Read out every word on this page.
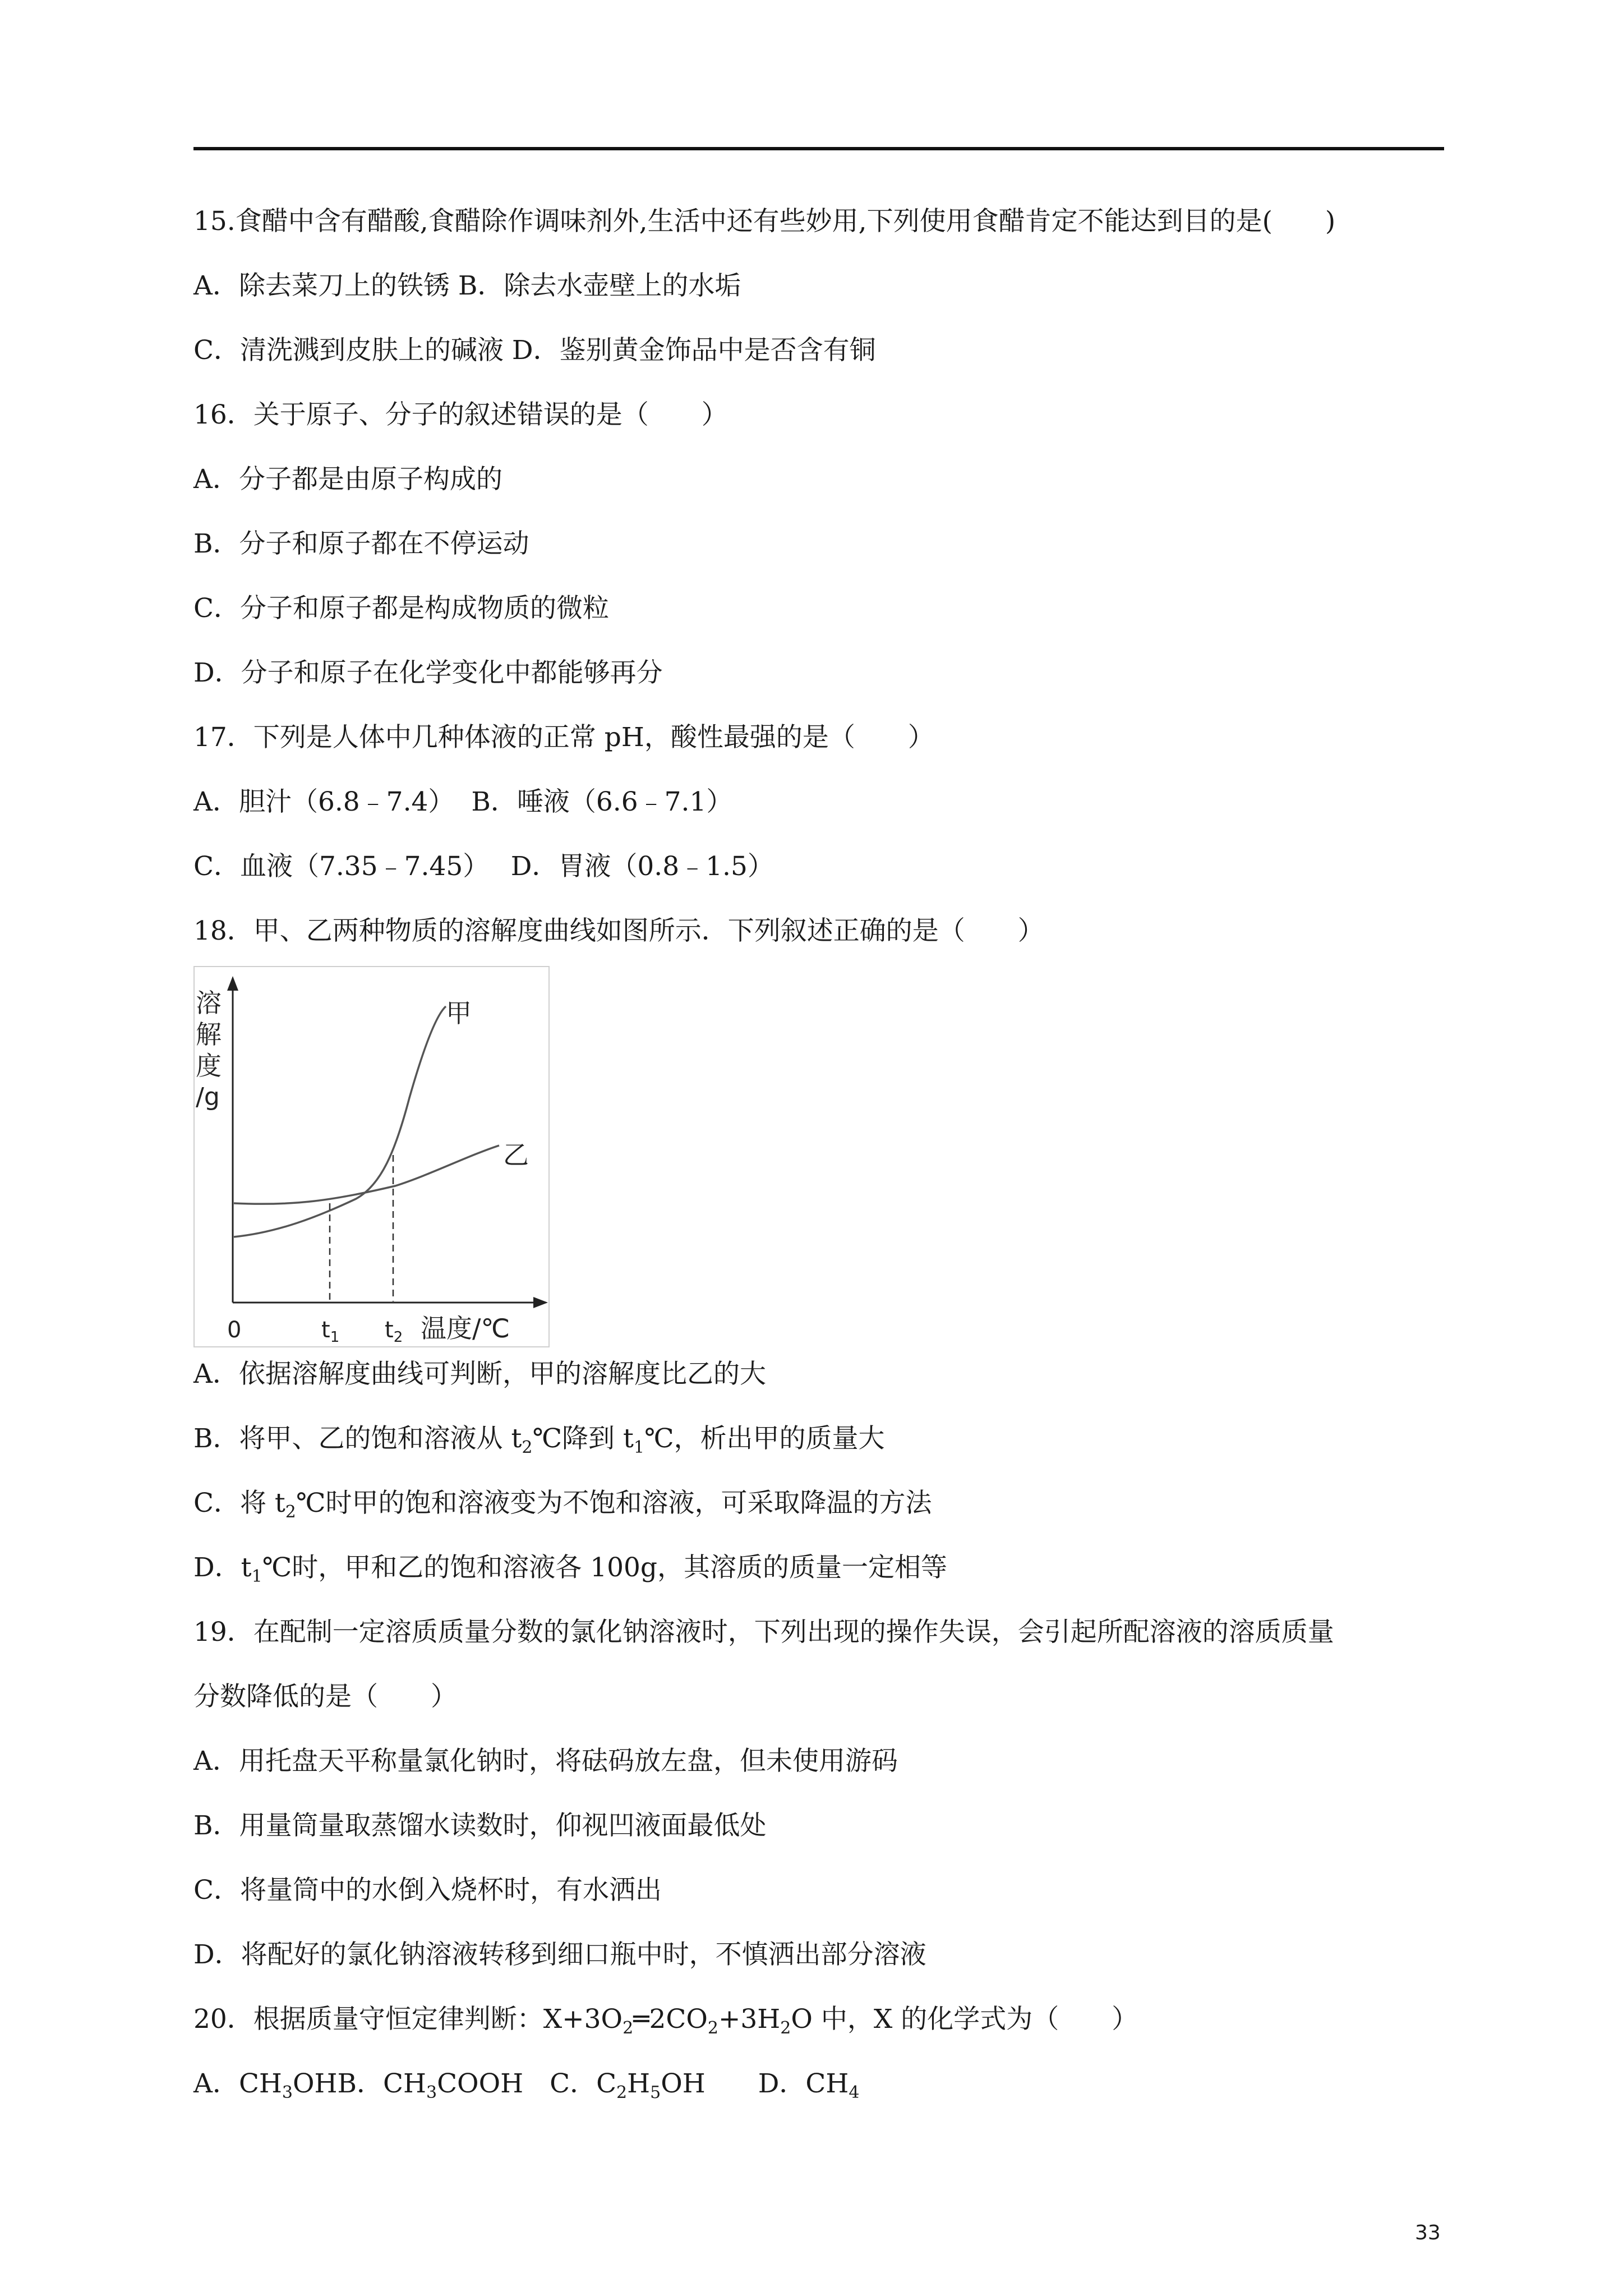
15.食醋中含有醋酸,食醋除作调味剂外,生活中还有些妙用,下列使用食醋肯定不能达到目的是(　　)
A．除去菜刀上的铁锈 B．除去水壶壁上的水垢
C．清洗溅到皮肤上的碱液 D．鉴别黄金饰品中是否含有铜
16．关于原子、分子的叙述错误的是（　　）
A．分子都是由原子构成的
B．分子和原子都在不停运动
C．分子和原子都是构成物质的微粒
D．分子和原子在化学变化中都能够再分
17．下列是人体中几种体液的正常 pH，酸性最强的是（　　）
A．胆汁（6.8﹣7.4）  B．唾液（6.6﹣7.1）
C．血液（7.35﹣7.45）　 D．胃液（0.8﹣1.5）
18．甲、乙两种物质的溶解度曲线如图所示．下列叙述正确的是（　　）
溶
解
度
/g
甲
乙
0	$t_1$ $t_2$ 温度/℃
A．依据溶解度曲线可判断，甲的溶解度比乙的大
B．将甲、乙的饱和溶液从 $t_2℃$降到 $t_1℃$，析出甲的质量大
C．将 $t_2℃$时甲的饱和溶液变为不饱和溶液，可采取降温的方法
D．$t_1℃$时，甲和乙的饱和溶液各 100g，其溶质的质量一定相等
19．在配制一定溶质质量分数的氯化钠溶液时，下列出现的操作失误，会引起所配溶液的溶质质量
分数降低的是（　　）
A．用托盘天平称量氯化钠时，将砝码放左盘，但未使用游码
B．用量筒量取蒸馏水读数时，仰视凹液面最低处
C．将量筒中的水倒入烧杯时，有水洒出
D．将配好的氯化钠溶液转移到细口瓶中时，不慎洒出部分溶液
20．根据质量守恒定律判断：$X+3O_2═2CO_2+3H_2O$ 中，X 的化学式为（　　）
A．$CH_3OHB$．$CH_3COOH$　C．$C_2H_5OH$　　D．$CH_4$
33
